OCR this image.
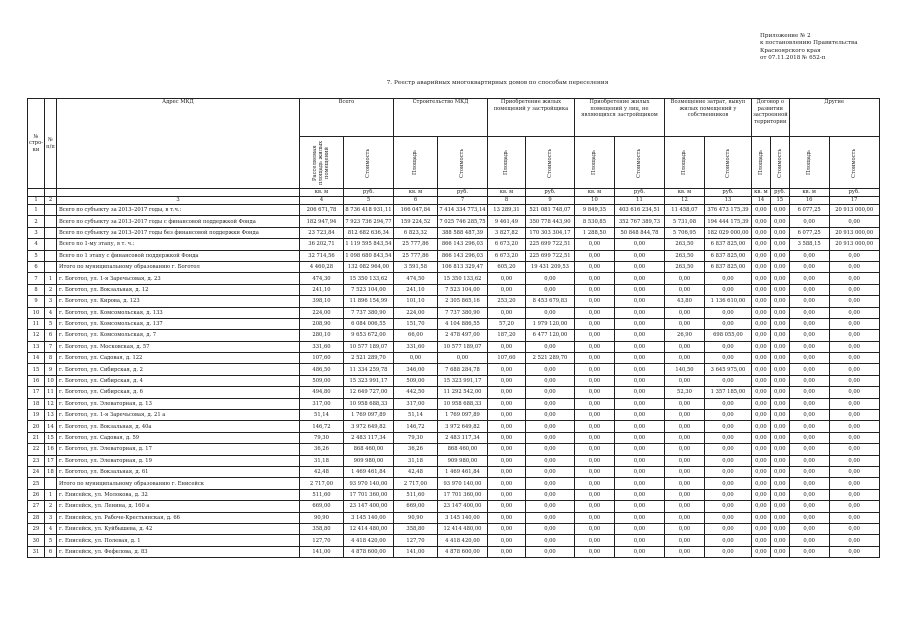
Приложение № 2
к постановлению Правительства
Красноярского края
от 07.11.2018 № 652-п
7. Реестр аварийных многоквартирных домов по способам переселения
№ стро-ки	№ п/п	Адрес МКД	Всего		Строительство МКД		Приобретение жилых помещений у застройщика		Приобретение жилых помещений у лиц, не являющихся застройщиком		Возмещение затрат, выкуп жилых помещений у собственников		Договор о развитии застроенной территории		Другие	

			Расселяемая площадь жилых помещений	Стоимость	Площадь	Стоимость	Площадь	Стоимость	Площадь	Стоимость	Площадь	Стоимость	Площадь	Стоимость	Площадь	Стоимость

			кв. м	руб.	кв. м	руб.	кв. м	руб.	кв. м	руб.	кв. м	руб.	кв. м	руб.	кв. м	руб.
1	2	3	4	5	6	7	8	9	10	11	12	13	14	15	16	17
1		Всего по субъекту за 2013–2017 годы, в т.ч.:	206 671,78	8 736 418 931,11	166 047,84	7 414 334 773,14	13 289,31	521 081 748,07	9 849,35	403 616 234,51	11 458,07	376 473 175,39	0,00	0,00	6 077,25	20 913 000,00
2		Всего по субъекту за 2013–2017 годы с финансовой поддержкой Фонда	182 947,94	7 923 736 294,77	159 224,52	7 025 746 285,75	9 461,49	350 778 443,90	8 530,85	352 767 389,73	5 731,08	194 444 175,39	0,00	0,00	0,00	0,00
3		Всего по субъекту за 2013–2017 годы без финансовой поддержки Фонда	23 723,84	812 682 636,34	6 823,32	388 588 487,39	3 827,82	170 303 304,17	1 288,50	50 848 844,78	5 706,95	182 029 000,00	0,00	0,00	6 077,25	20 913 000,00
4		Всего по 1-му этапу, в т. ч.:	36 202,71	1 119 595 843,54	25 777,86	866 143 296,03	6 673,20	225 699 722,51	0,00	0,00	263,50	6 837 825,00	0,00	0,00	3 588,15	20 913 000,00
5		Всего по 1 этапу с финансовой поддержкой Фонда	32 714,56	1 098 680 843,54	25 777,86	866 143 296,03	6 673,20	225 699 722,51	0,00	0,00	263,50	6 837 825,00	0,00	0,00	0,00	0,00
6		Итого по муниципальному образованию г. Боготол	4 460,28	132 082 964,00	3 591,58	106 813 329,47	605,20	19 431 209,53	0,00	0,00	263,50	6 837 825,00	0,00	0,00	0,00	0,00
7	1	г. Боготол, ул. 1-я Заречьсовая, д. 23	474,30	15 350 133,62	474,50	15 350 133,62	0,00	0,00	0,00	0,00	0,00	0,00	0,00	0,00	0,00	0,00
8	2	г. Боготол, ул. Вокзальная, д. 12	241,10	7 523 104,00	241,10	7 523 104,00	0,00	0,00	0,00	0,00	0,00	0,00	0,00	0,00	0,00	0,00
9	3	г. Боготол, ул. Кирова, д. 123	398,10	11 896 154,99	101,10	2 305 865,16	253,20	8 453 679,83	0,00	0,00	43,80	1 136 610,00	0,00	0,00	0,00	0,00
10	4	г. Боготол, ул. Комсомольская, д. 133	224,00	7 737 380,90	224,00	7 737 380,90	0,00	0,00	0,00	0,00	0,00	0,00	0,00	0,00	0,00	0,00
11	5	г. Боготол, ул. Комсомольская, д. 137	208,90	6 084 006,55	151,70	4 104 886,55	57,20	1 979 120,00	0,00	0,00	0,00	0,00	0,00	0,00	0,00	0,00
12	6	г. Боготол, ул. Комсомольская, д. 7	280,10	9 653 672,00	66,00	2 478 497,00	187,20	6 477 120,00	0,00	0,00	26,90	698 055,00	0,00	0,00	0,00	0,00
13	7	г. Боготол, ул. Московская, д. 57	331,60	10 577 189,07	331,60	10 577 189,07	0,00	0,00	0,00	0,00	0,00	0,00	0,00	0,00	0,00	0,00
14	8	г. Боготол, ул. Садовая, д. 122	107,60	2 521 289,70	0,00	0,00	107,60	2 521 289,70	0,00	0,00	0,00	0,00	0,00	0,00	0,00	0,00
15	9	г. Боготол, ул. Сибирская, д. 2	486,50	11 334 259,78	346,00	7 688 284,78	0,00	0,00	0,00	0,00	140,50	3 645 975,00	0,00	0,00	0,00	0,00
16	10	г. Боготол, ул. Сибирская, д. 4	509,00	15 323 991,17	509,00	15 323 991,17	0,00	0,00	0,00	0,00	0,00	0,00	0,00	0,00	0,00	0,00
17	11	г. Боготол, ул. Сибирская, д. 6	494,80	12 649 727,00	442,50	11 292 542,00	0,00	0,00	0,00	0,00	52,30	1 357 185,00	0,00	0,00	0,00	0,00
18	12	г. Боготол, ул. Элеваторная, д. 13	317,00	10 958 688,33	317,00	10 958 688,33	0,00	0,00	0,00	0,00	0,00	0,00	0,00	0,00	0,00	0,00
19	13	г. Боготол, ул. 1-я Заречьсовая, д. 21 а	51,14	1 769 097,89	51,14	1 769 097,89	0,00	0,00	0,00	0,00	0,00	0,00	0,00	0,00	0,00	0,00
20	14	г. Боготол, ул. Вокзальная, д. 40а	146,72	3 972 649,82	146,72	3 972 649,82	0,00	0,00	0,00	0,00	0,00	0,00	0,00	0,00	0,00	0,00
21	15	г. Боготол, ул. Садовая, д. 59	79,30	2 483 117,34	79,30	2 483 117,34	0,00	0,00	0,00	0,00	0,00	0,00	0,00	0,00	0,00	0,00
22	16	г. Боготол, ул. Элеваторная, д. 17	36,26	868 460,00	36,26	868 460,00	0,00	0,00	0,00	0,00	0,00	0,00	0,00	0,00	0,00	0,00
23	17	г. Боготол, ул. Элеваторная, д. 19	31,18	909 980,00	31,18	909 980,00	0,00	0,00	0,00	0,00	0,00	0,00	0,00	0,00	0,00	0,00
24	18	г. Боготол, ул. Вокзальная, д. 61	42,48	1 469 461,84	42,48	1 469 461,84	0,00	0,00	0,00	0,00	0,00	0,00	0,00	0,00	0,00	0,00
25		Итого по муниципальному образованию г. Енисейск	2 717,00	93 970 140,00	2 717,00	93 970 140,00	0,00	0,00	0,00	0,00	0,00	0,00	0,00	0,00	0,00	0,00
26	1	г. Енисейск, ул. Молокова, д. 32	511,60	17 701 360,00	511,60	17 701 360,00	0,00	0,00	0,00	0,00	0,00	0,00	0,00	0,00	0,00	0,00
27	2	г. Енисейск, ул. Ленина, д. 160 а	669,00	23 147 400,00	669,00	23 147 400,00	0,00	0,00	0,00	0,00	0,00	0,00	0,00	0,00	0,00	0,00
28	3	г. Енисейск, ул. Рабоче-Крестьянская, д. 66	90,90	3 145 140,00	90,90	3 145 140,00	0,00	0,00	0,00	0,00	0,00	0,00	0,00	0,00	0,00	0,00
29	4	г. Енисейск, ул. Куйбышева, д. 42	358,80	12 414 480,00	358,80	12 414 480,00	0,00	0,00	0,00	0,00	0,00	0,00	0,00	0,00	0,00	0,00
30	5	г. Енисейск, ул. Полевая, д. 1	127,70	4 418 420,00	127,70	4 418 420,00	0,00	0,00	0,00	0,00	0,00	0,00	0,00	0,00	0,00	0,00
31	6	г. Енисейск, ул. Фефелова, д. 83	141,00	4 878 600,00	141,00	4 878 600,00	0,00	0,00	0,00	0,00	0,00	0,00	0,00	0,00	0,00	0,00
